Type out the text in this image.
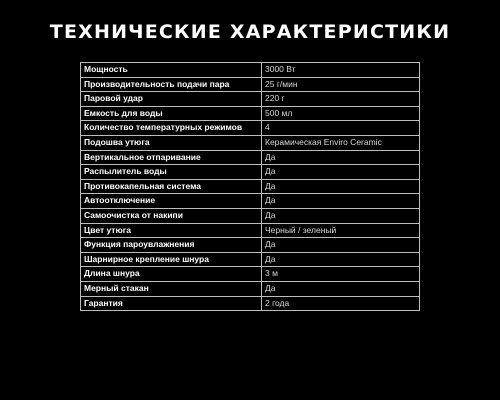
ТЕХНИЧЕСКИЕ ХАРАКТЕРИСТИКИ
Мощность	3000 Вт
Производительность подачи пара	25 г/мин
Паровой удар	220 г
Емкость для воды	500 мл
Количество температурных режимов	4
Подошва утюга	Керамическая Enviro Ceramic
Вертикальное отпаривание	Да
Распылитель воды	Да
Противокапельная система	Да
Автоотключение	Да
Самоочистка от накипи	Да
Цвет утюга	Черный / зеленый
Функция пароувлажнения	Да
Шарнирное крепление шнура	Да
Длина шнура	3 м
Мерный стакан	Да
Гарантия	2 года
